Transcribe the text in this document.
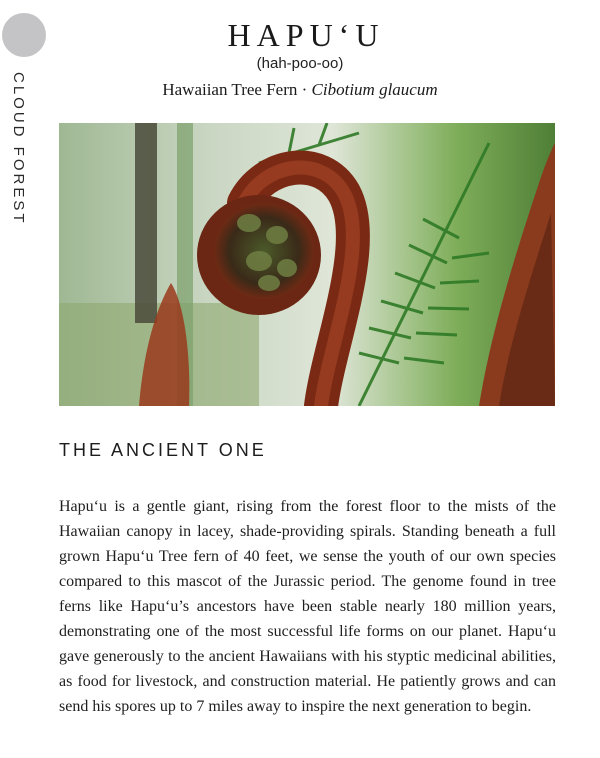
CLOUD FOREST
HAPU‘U
(hah-poo-oo)
Hawaiian Tree Fern · Cibotium glaucum
THE ANCIENT ONE
Hapu‘u is a gentle giant, rising from the forest floor to the mists of the Hawaiian canopy in lacey, shade-providing spirals. Standing beneath a full grown Hapu‘u Tree fern of 40 feet, we sense the youth of our own species compared to this mascot of the Jurassic period. The genome found in tree ferns like Hapu‘u’s ancestors have been stable nearly 180 million years, demonstrating one of the most successful life forms on our planet. Hapu‘u gave generously to the ancient Hawaiians with his styptic medicinal abilities, as food for livestock, and construction material. He patiently grows and can send his spores up to 7 miles away to inspire the next generation to begin.
